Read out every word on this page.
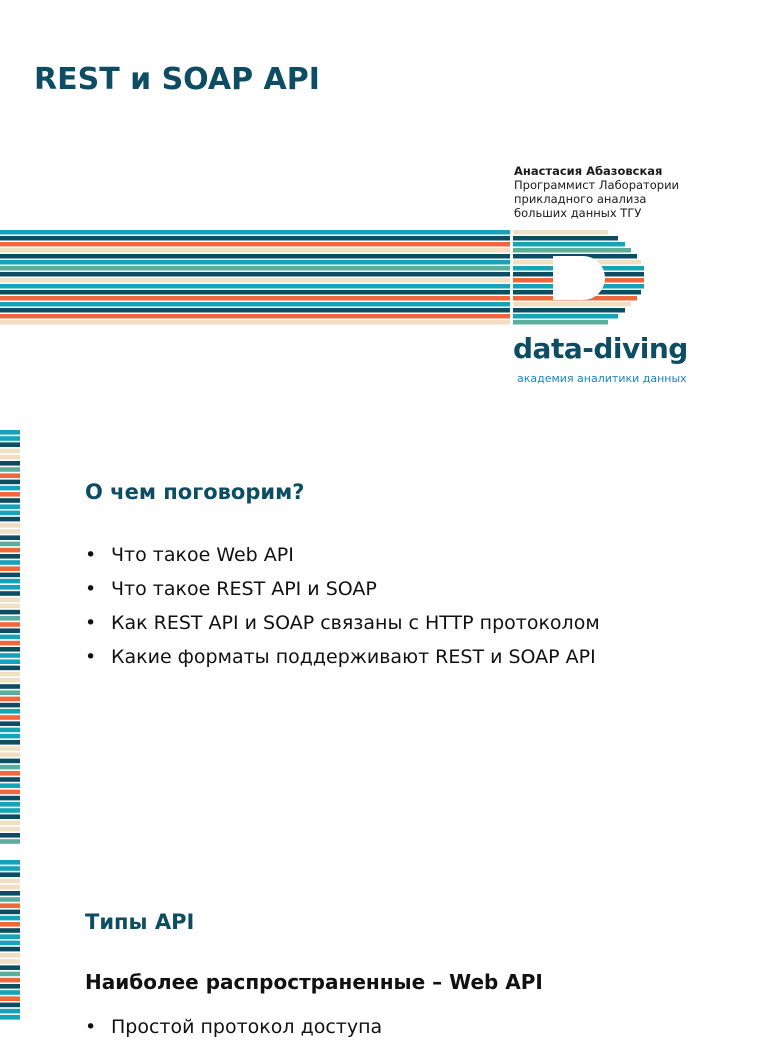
REST и SOAP API
Анастасия Абазовская
Программист Лаборатории
прикладного анализа
больших данных ТГУ
data-diving
академия аналитики данных
О чем поговорим?
• Что такое Web API
• Что такое REST API и SOAP
• Как REST API и SOAP связаны с HTTP протоколом
• Какие форматы поддерживают REST и SOAP API
Типы API
Наиболее распространенные – Web API
• Простой протокол доступа
